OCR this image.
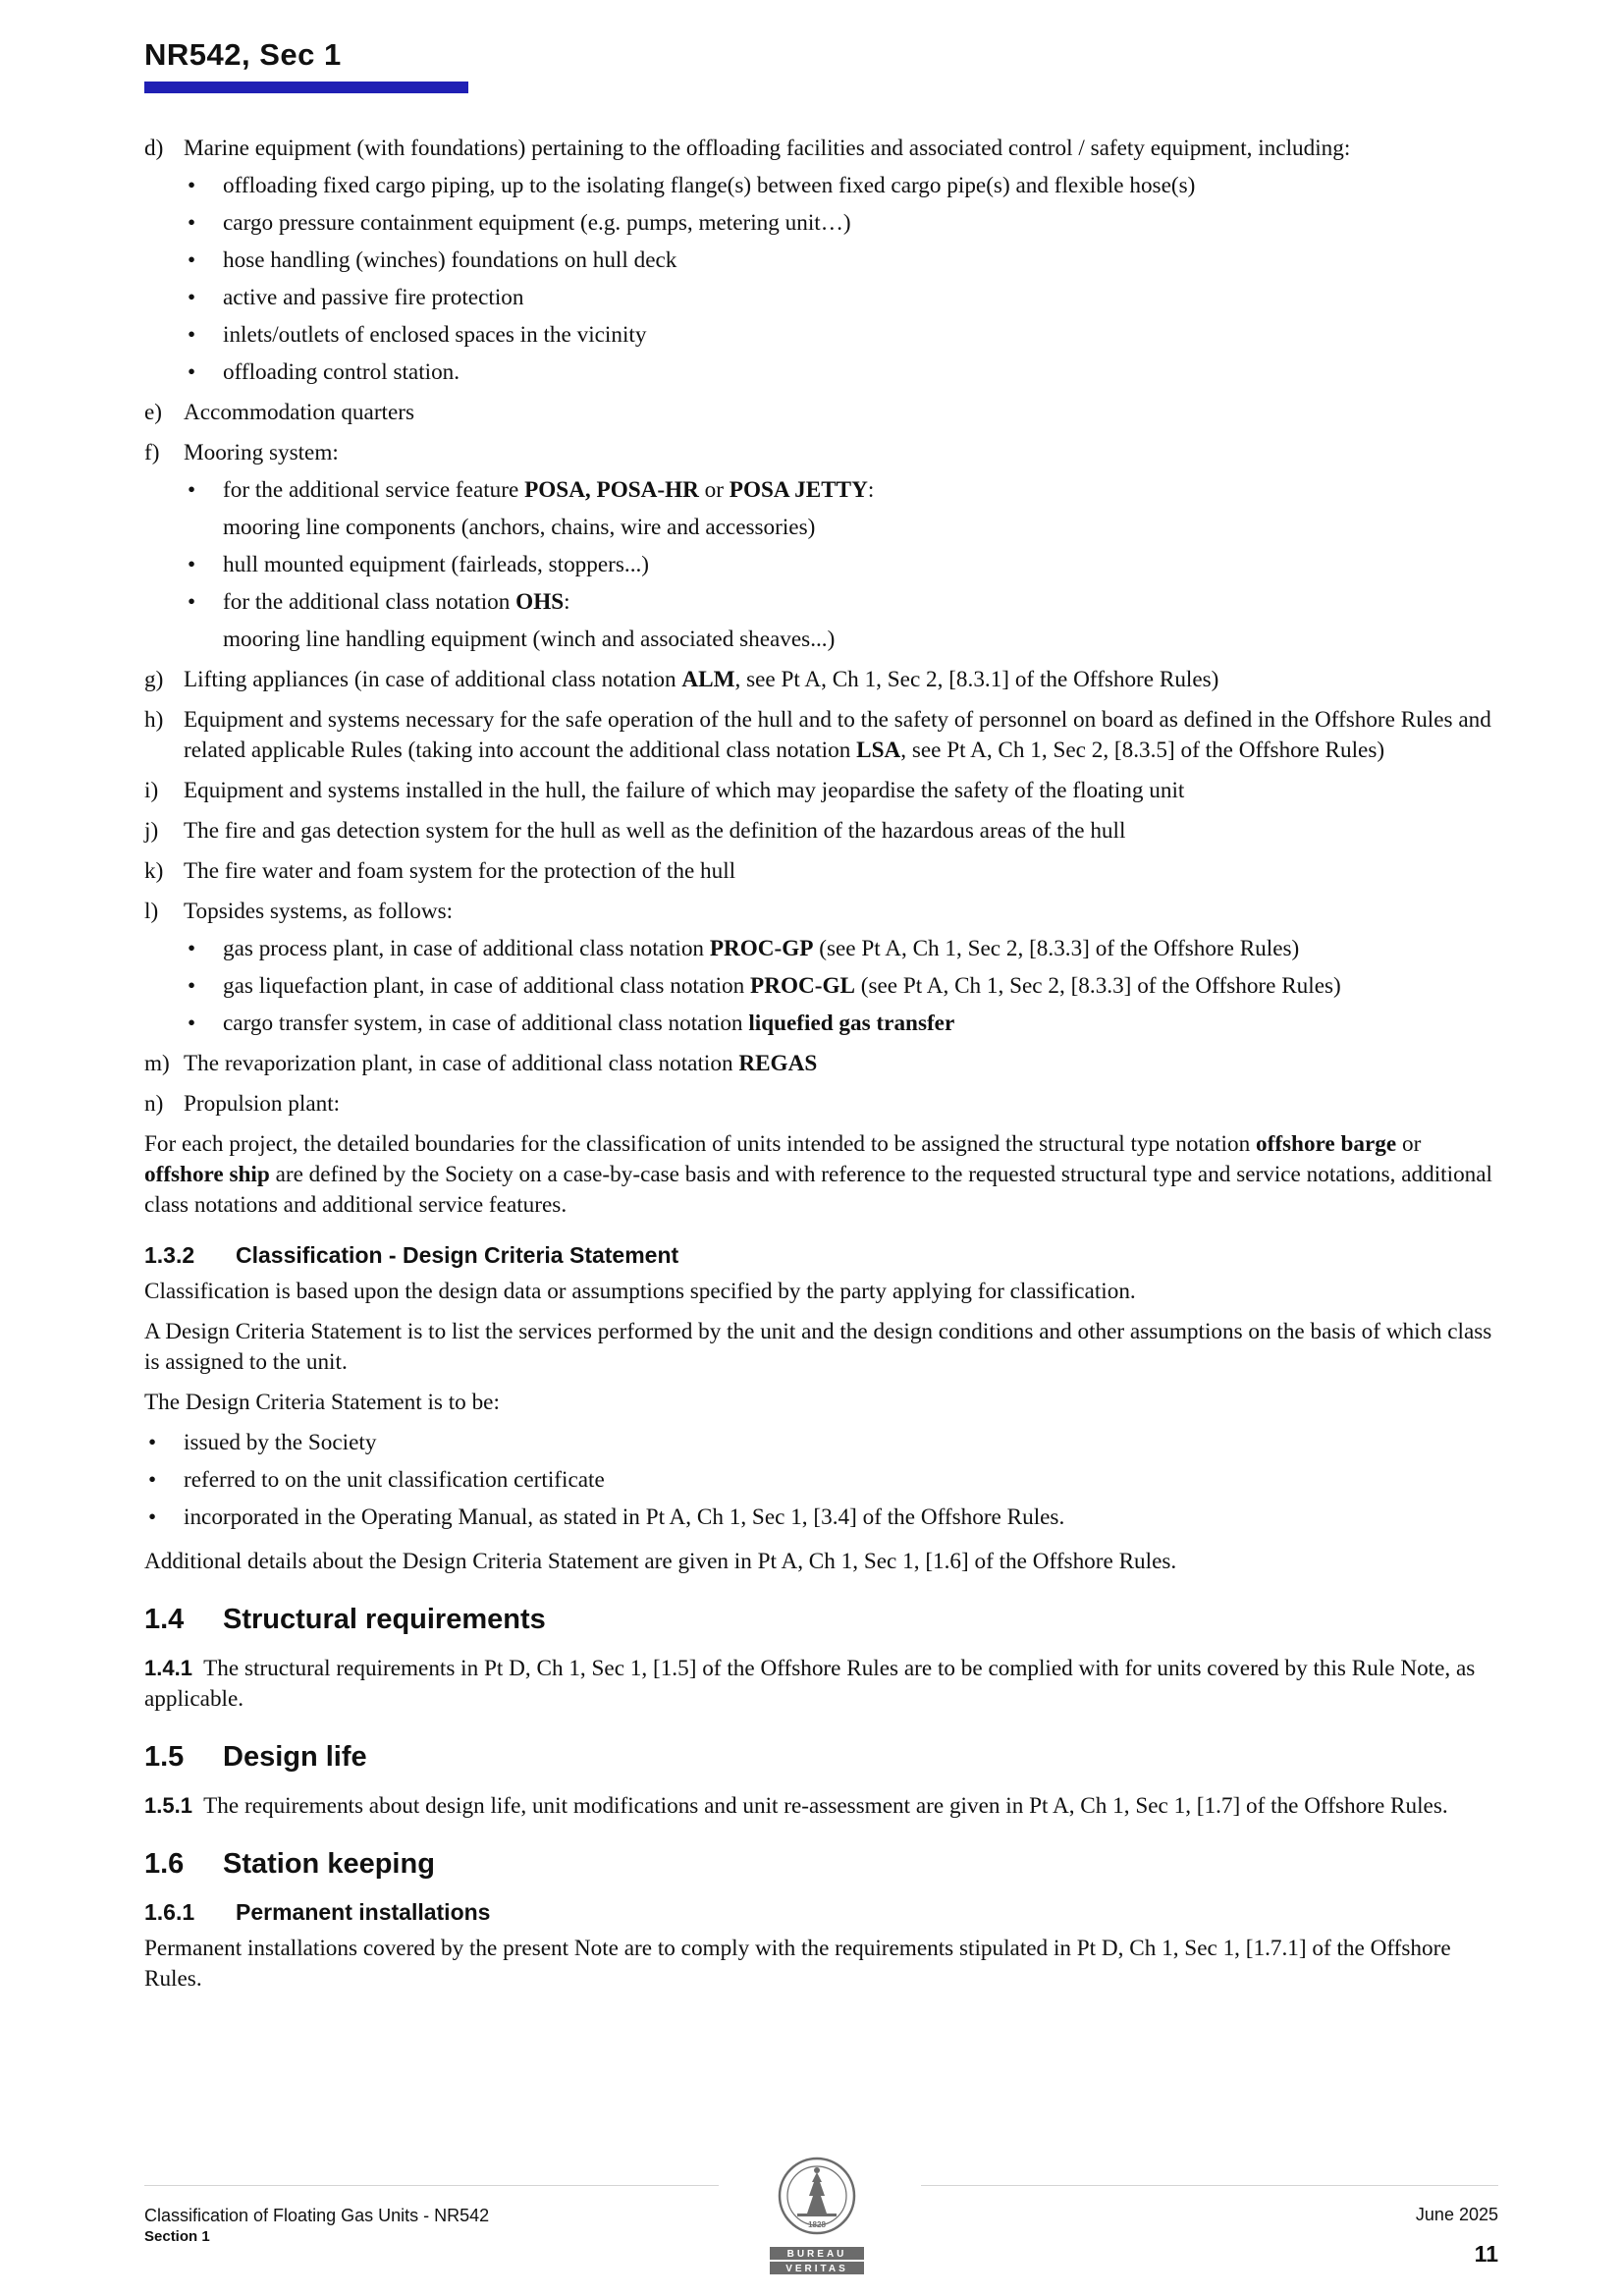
NR542, Sec 1
d) Marine equipment (with foundations) pertaining to the offloading facilities and associated control / safety equipment, including:
• offloading fixed cargo piping, up to the isolating flange(s) between fixed cargo pipe(s) and flexible hose(s)
• cargo pressure containment equipment (e.g. pumps, metering unit…)
• hose handling (winches) foundations on hull deck
• active and passive fire protection
• inlets/outlets of enclosed spaces in the vicinity
• offloading control station.
e) Accommodation quarters
f)	Mooring system:
• for the additional service feature POSA, POSA-HR or POSA JETTY:
mooring line components (anchors, chains, wire and accessories)
• hull mounted equipment (fairleads, stoppers...)
• for the additional class notation OHS:
mooring line handling equipment (winch and associated sheaves...)
g) Lifting appliances (in case of additional class notation ALM, see Pt A, Ch 1, Sec 2, [8.3.1] of the Offshore Rules)
h) Equipment and systems necessary for the safe operation of the hull and to the safety of personnel on board as defined in the Offshore Rules and related applicable Rules (taking into account the additional class notation LSA, see Pt A, Ch 1, Sec 2, [8.3.5] of the Offshore Rules)
i)	Equipment and systems installed in the hull, the failure of which may jeopardise the safety of the floating unit
j)	The fire and gas detection system for the hull as well as the definition of the hazardous areas of the hull
k) The fire water and foam system for the protection of the hull
l)	Topsides systems, as follows:
• gas process plant, in case of additional class notation PROC-GP (see Pt A, Ch 1, Sec 2, [8.3.3] of the Offshore Rules)
• gas liquefaction plant, in case of additional class notation PROC-GL (see Pt A, Ch 1, Sec 2, [8.3.3] of the Offshore Rules)
• cargo transfer system, in case of additional class notation liquefied gas transfer
m) The revaporization plant, in case of additional class notation REGAS
n) Propulsion plant:

For each project, the detailed boundaries for the classification of units intended to be assigned the structural type notation offshore barge or offshore ship are defined by the Society on a case-by-case basis and with reference to the requested structural type and service notations, additional class notations and additional service features.

1.3.2 Classification - Design Criteria Statement

Classification is based upon the design data or assumptions specified by the party applying for classification.

A Design Criteria Statement is to list the services performed by the unit and the design conditions and other assumptions on the basis of which class is assigned to the unit.

The Design Criteria Statement is to be:

• issued by the Society
• referred to on the unit classification certificate
• incorporated in the Operating Manual, as stated in Pt A, Ch 1, Sec 1, [3.4] of the Offshore Rules.

Additional details about the Design Criteria Statement are given in Pt A, Ch 1, Sec 1, [1.6] of the Offshore Rules.

1.4 Structural requirements

1.4.1 The structural requirements in Pt D, Ch 1, Sec 1, [1.5] of the Offshore Rules are to be complied with for units covered by this Rule Note, as applicable.

1.5 Design life

1.5.1 The requirements about design life, unit modifications and unit re-assessment are given in Pt A, Ch 1, Sec 1, [1.7] of the Offshore Rules.

1.6 Station keeping
1.6.1 Permanent installations

Permanent installations covered by the present Note are to comply with the requirements stipulated in Pt D, Ch 1, Sec 1, [1.7.1] of the Offshore Rules.

1828
BUREAU
VERITAS
Classification of Floating Gas Units - NR542
Section 1
June 2025
11
